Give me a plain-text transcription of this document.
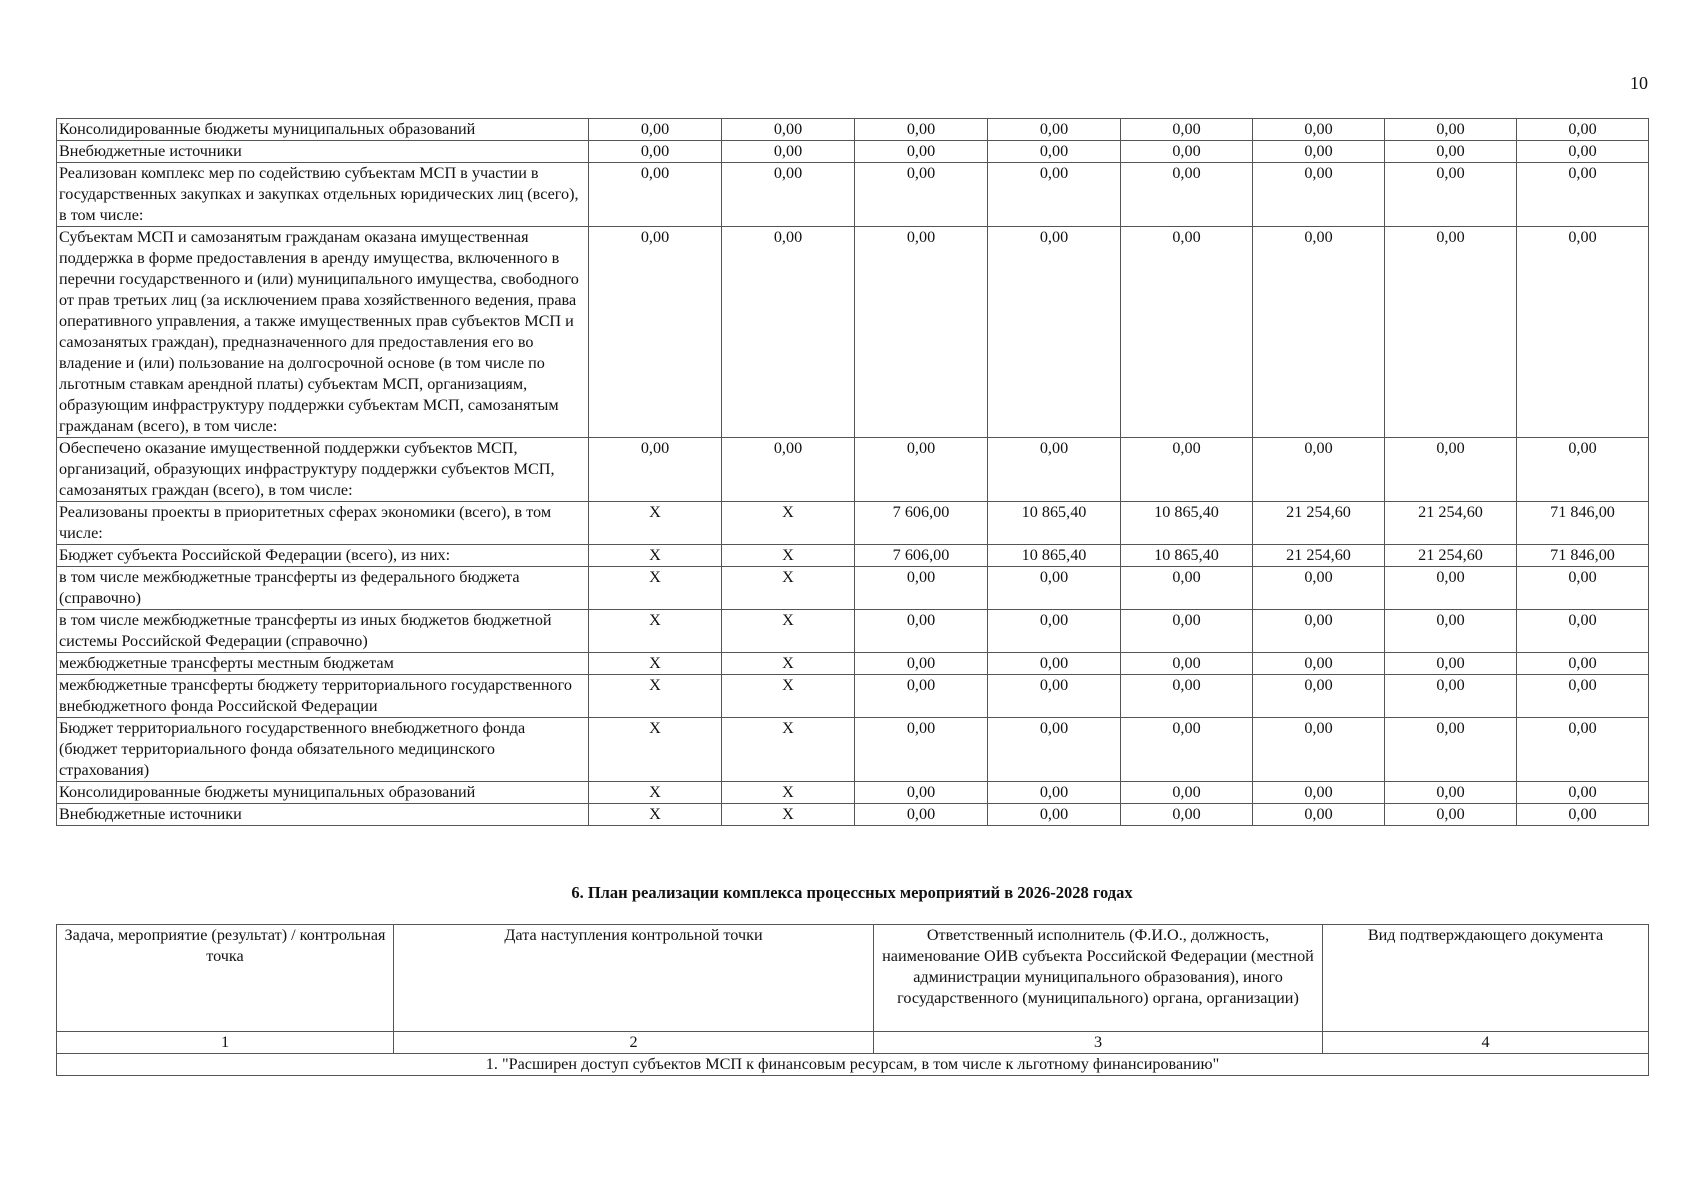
10
Консолидированные бюджеты муниципальных образований	0,00	0,00	0,00	0,00	0,00	0,00	0,00	0,00
Внебюджетные источники	0,00	0,00	0,00	0,00	0,00	0,00	0,00	0,00
Реализован комплекс мер по содействию субъектам МСП в участии в государственных закупках и закупках отдельных юридических лиц (всего), в том числе:	0,00	0,00	0,00	0,00	0,00	0,00	0,00	0,00
Субъектам МСП и самозанятым гражданам оказана имущественная поддержка в форме предоставления в аренду имущества, включенного в перечни государственного и (или) муниципального имущества, свободного от прав третьих лиц (за исключением права хозяйственного ведения, права оперативного управления, а также имущественных прав субъектов МСП и самозанятых граждан), предназначенного для предоставления его во владение и (или) пользование на долгосрочной основе (в том числе по льготным ставкам арендной платы) субъектам МСП, организациям, образующим инфраструктуру поддержки субъектам МСП, самозанятым гражданам (всего), в том числе:	0,00	0,00	0,00	0,00	0,00	0,00	0,00	0,00
Обеспечено оказание имущественной поддержки субъектов МСП, организаций, образующих инфраструктуру поддержки субъектов МСП, самозанятых граждан (всего), в том числе:	0,00	0,00	0,00	0,00	0,00	0,00	0,00	0,00
Реализованы проекты в приоритетных сферах экономики (всего), в том числе:	X	X	7 606,00	10 865,40	10 865,40	21 254,60	21 254,60	71 846,00
Бюджет субъекта Российской Федерации (всего), из них:	X	X	7 606,00	10 865,40	10 865,40	21 254,60	21 254,60	71 846,00
в том числе межбюджетные трансферты из федерального бюджета (справочно)	X	X	0,00	0,00	0,00	0,00	0,00	0,00
в том числе межбюджетные трансферты из иных бюджетов бюджетной системы Российской Федерации (справочно)	X	X	0,00	0,00	0,00	0,00	0,00	0,00
межбюджетные трансферты местным бюджетам	X	X	0,00	0,00	0,00	0,00	0,00	0,00
межбюджетные трансферты бюджету территориального государственного внебюджетного фонда Российской Федерации	X	X	0,00	0,00	0,00	0,00	0,00	0,00
Бюджет территориального государственного внебюджетного фонда (бюджет территориального фонда обязательного медицинского страхования)	X	X	0,00	0,00	0,00	0,00	0,00	0,00
Консолидированные бюджеты муниципальных образований	X	X	0,00	0,00	0,00	0,00	0,00	0,00
Внебюджетные источники	X	X	0,00	0,00	0,00	0,00	0,00	0,00
6. План реализации комплекса процессных мероприятий в 2026-2028 годах
Задача, мероприятие (результат) / контрольная точка	Дата наступления контрольной точки	Ответственный исполнитель (Ф.И.О., должность, наименование ОИВ субъекта Российской Федерации (местной администрации муниципального образования), иного государственного (муниципального) органа, организации)	Вид подтверждающего документа
1	2	3	4
1. "Расширен доступ субъектов МСП к финансовым ресурсам, в том числе к льготному финансированию"			
